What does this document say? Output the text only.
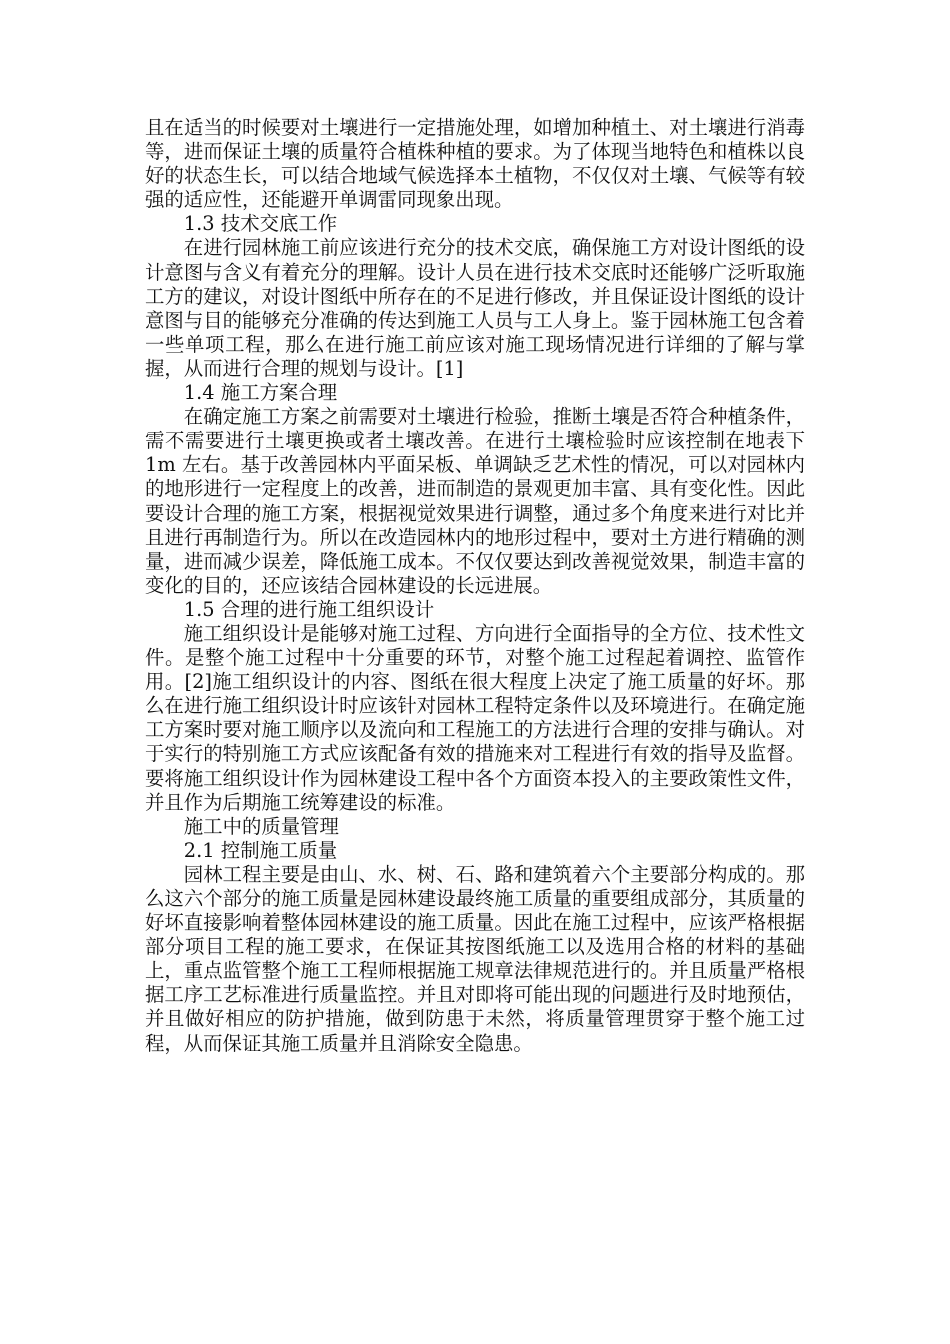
且在适当的时候要对土壤进行一定措施处理，如增加种植土、对土壤进行消毒等，进而保证土壤的质量符合植株种植的要求。为了体现当地特色和植株以良好的状态生长，可以结合地域气候选择本土植物，不仅仅对土壤、气候等有较强的适应性，还能避开单调雷同现象出现。

1.3 技术交底工作

在进行园林施工前应该进行充分的技术交底，确保施工方对设计图纸的设计意图与含义有着充分的理解。设计人员在进行技术交底时还能够广泛听取施工方的建议，对设计图纸中所存在的不足进行修改，并且保证设计图纸的设计意图与目的能够充分准确的传达到施工人员与工人身上。鉴于园林施工包含着一些单项工程，那么在进行施工前应该对施工现场情况进行详细的了解与掌握，从而进行合理的规划与设计。[1]

1.4 施工方案合理

在确定施工方案之前需要对土壤进行检验，推断土壤是否符合种植条件，需不需要进行土壤更换或者土壤改善。在进行土壤检验时应该控制在地表下 1m 左右。基于改善园林内平面呆板、单调缺乏艺术性的情况，可以对园林内的地形进行一定程度上的改善，进而制造的景观更加丰富、具有变化性。因此要设计合理的施工方案，根据视觉效果进行调整，通过多个角度来进行对比并且进行再制造行为。所以在改造园林内的地形过程中，要对土方进行精确的测量，进而减少误差，降低施工成本。不仅仅要达到改善视觉效果，制造丰富的变化的目的，还应该结合园林建设的长远进展。

1.5 合理的进行施工组织设计

施工组织设计是能够对施工过程、方向进行全面指导的全方位、技术性文件。是整个施工过程中十分重要的环节，对整个施工过程起着调控、监管作用。[2]施工组织设计的内容、图纸在很大程度上决定了施工质量的好坏。那么在进行施工组织设计时应该针对园林工程特定条件以及环境进行。在确定施工方案时要对施工顺序以及流向和工程施工的方法进行合理的安排与确认。对于实行的特别施工方式应该配备有效的措施来对工程进行有效的指导及监督。要将施工组织设计作为园林建设工程中各个方面资本投入的主要政策性文件，并且作为后期施工统筹建设的标准。

施工中的质量管理

2.1 控制施工质量

园林工程主要是由山、水、树、石、路和建筑着六个主要部分构成的。那么这六个部分的施工质量是园林建设最终施工质量的重要组成部分，其质量的好坏直接影响着整体园林建设的施工质量。因此在施工过程中，应该严格根据部分项目工程的施工要求，在保证其按图纸施工以及选用合格的材料的基础上，重点监管整个施工工程师根据施工规章法律规范进行的。并且质量严格根据工序工艺标准进行质量监控。并且对即将可能出现的问题进行及时地预估，并且做好相应的防护措施，做到防患于未然，将质量管理贯穿于整个施工过程，从而保证其施工质量并且消除安全隐患。
